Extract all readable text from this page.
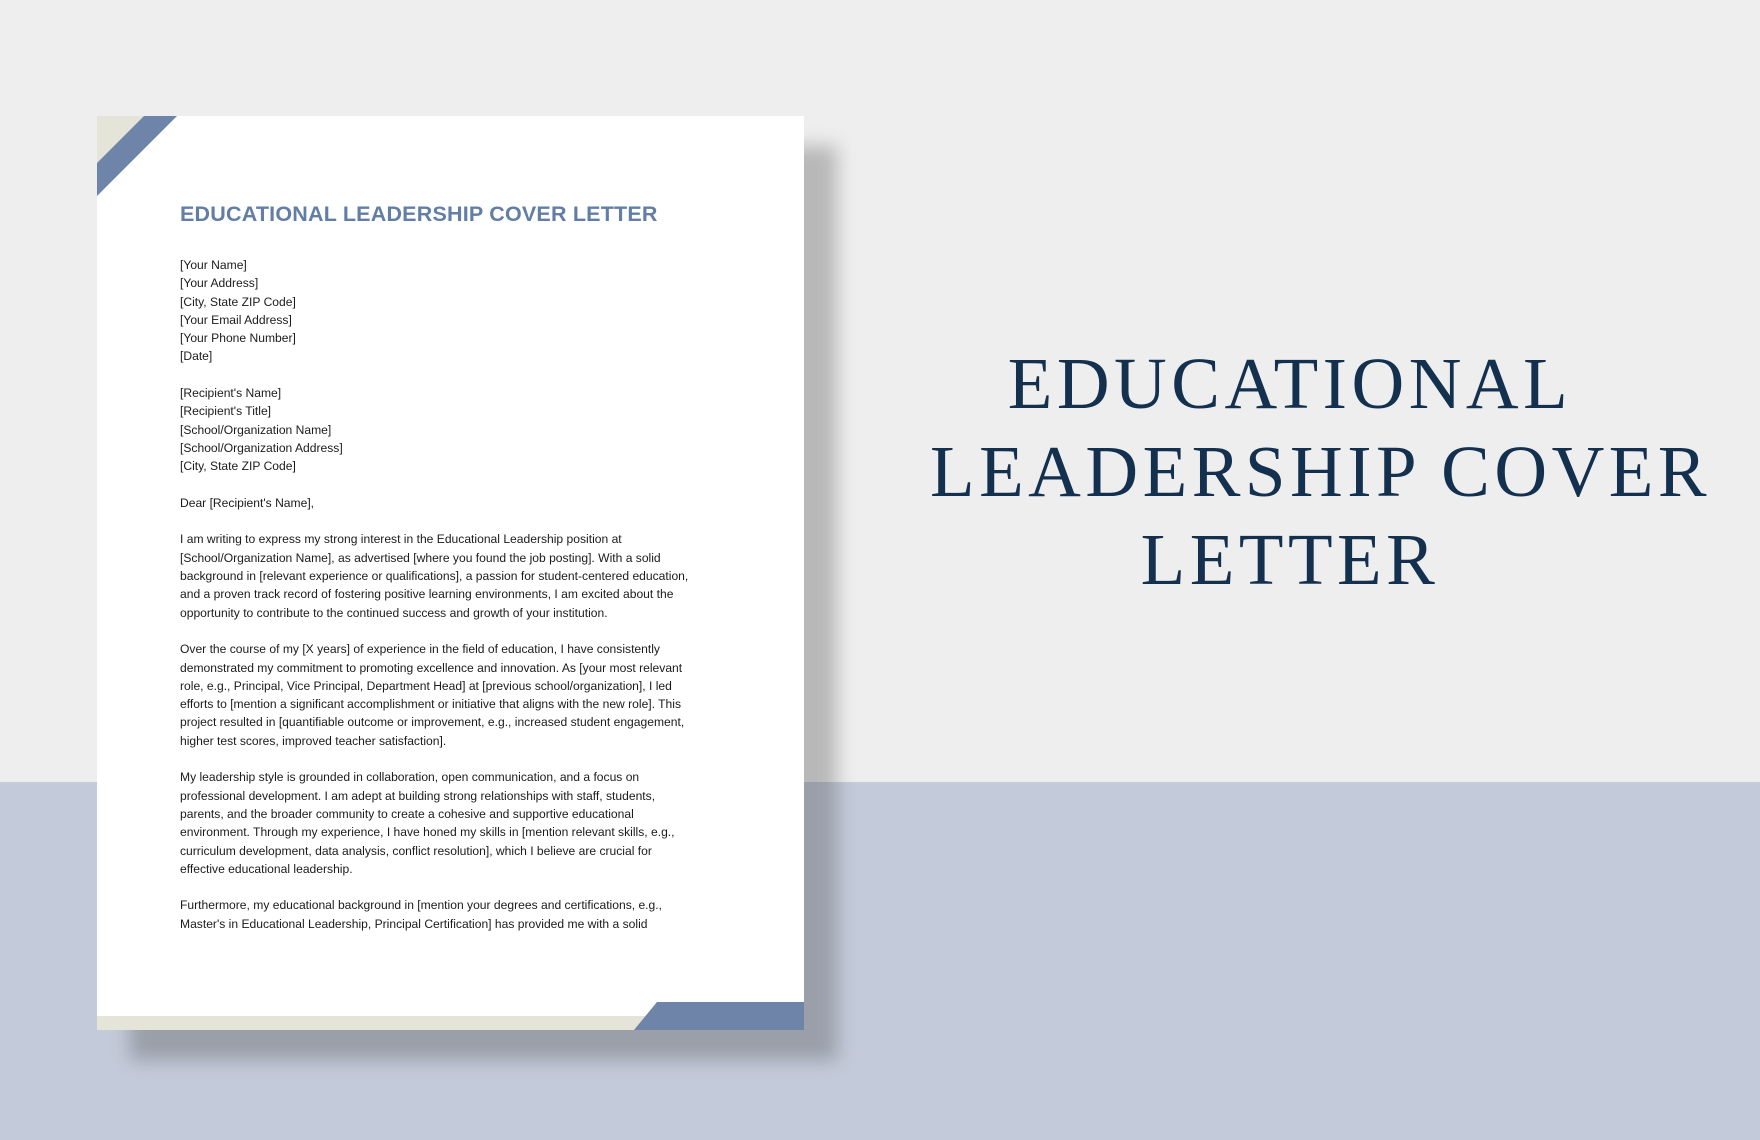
EDUCATIONAL LEADERSHIP COVER LETTER
[Your Name]
[Your Address]
[City, State ZIP Code]
[Your Email Address]
[Your Phone Number]
[Date]
[Recipient's Name]
[Recipient's Title]
[School/Organization Name]
[School/Organization Address]
[City, State ZIP Code]
Dear [Recipient's Name],
I am writing to express my strong interest in the Educational Leadership position at
[School/Organization Name], as advertised [where you found the job posting]. With a solid
background in [relevant experience or qualifications], a passion for student-centered education,
and a proven track record of fostering positive learning environments, I am excited about the
opportunity to contribute to the continued success and growth of your institution.
Over the course of my [X years] of experience in the field of education, I have consistently
demonstrated my commitment to promoting excellence and innovation. As [your most relevant
role, e.g., Principal, Vice Principal, Department Head] at [previous school/organization], I led
efforts to [mention a significant accomplishment or initiative that aligns with the new role]. This
project resulted in [quantifiable outcome or improvement, e.g., increased student engagement,
higher test scores, improved teacher satisfaction].
My leadership style is grounded in collaboration, open communication, and a focus on
professional development. I am adept at building strong relationships with staff, students,
parents, and the broader community to create a cohesive and supportive educational
environment. Through my experience, I have honed my skills in [mention relevant skills, e.g.,
curriculum development, data analysis, conflict resolution], which I believe are crucial for
effective educational leadership.
Furthermore, my educational background in [mention your degrees and certifications, e.g.,
Master's in Educational Leadership, Principal Certification] has provided me with a solid
EDUCATIONAL
LEADERSHIP COVER
LETTER
